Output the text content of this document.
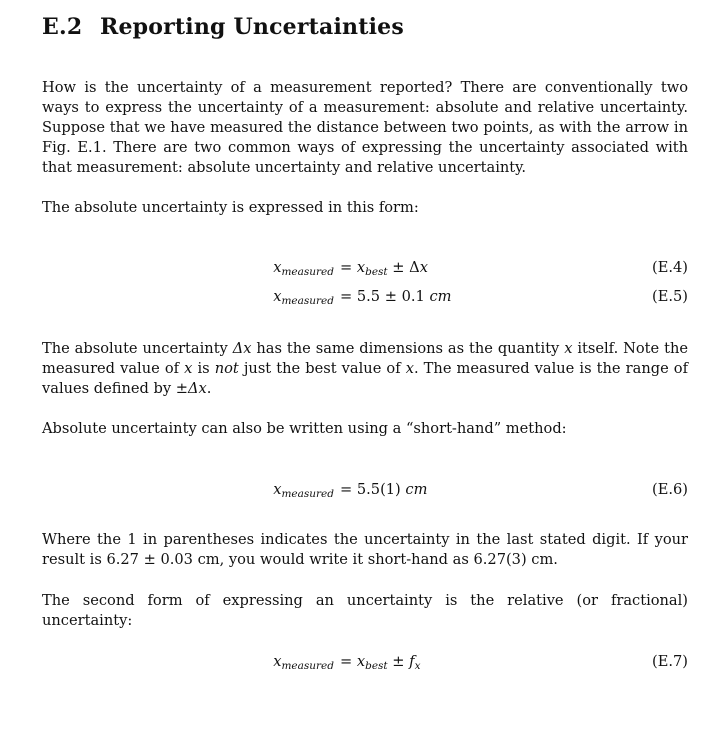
E.2 Reporting Uncertainties

How is the uncertainty of a measurement reported? There are conventionally two ways to express the uncertainty of a measurement: absolute and relative uncertainty. Suppose that we have measured the distance between two points, as with the arrow in Fig. E.1. There are two common ways of expressing the uncertainty associated with that measurement: absolute uncertainty and relative uncertainty.

The absolute uncertainty is expressed in this form:

$x_{measured} = x_{best} \pm \Delta x$	(E.4)
$x_{measured} = 5.5 \pm 0.1$ cm	(E.5)

The absolute uncertainty Δx has the same dimensions as the quantity x itself. Note the measured value of x is not just the best value of x. The measured value is the range of values defined by ±Δx.

Absolute uncertainty can also be written using a “short-hand” method:

$x_{measured} = 5.5(1)$ cm	(E.6)

Where the 1 in parentheses indicates the uncertainty in the last stated digit. If your result is 6.27 ± 0.03 cm, you would write it short-hand as 6.27(3) cm.

The second form of expressing an uncertainty is the relative (or fractional) uncertainty:

$x_{measured} = x_{best} \pm f_x$	(E.7)
